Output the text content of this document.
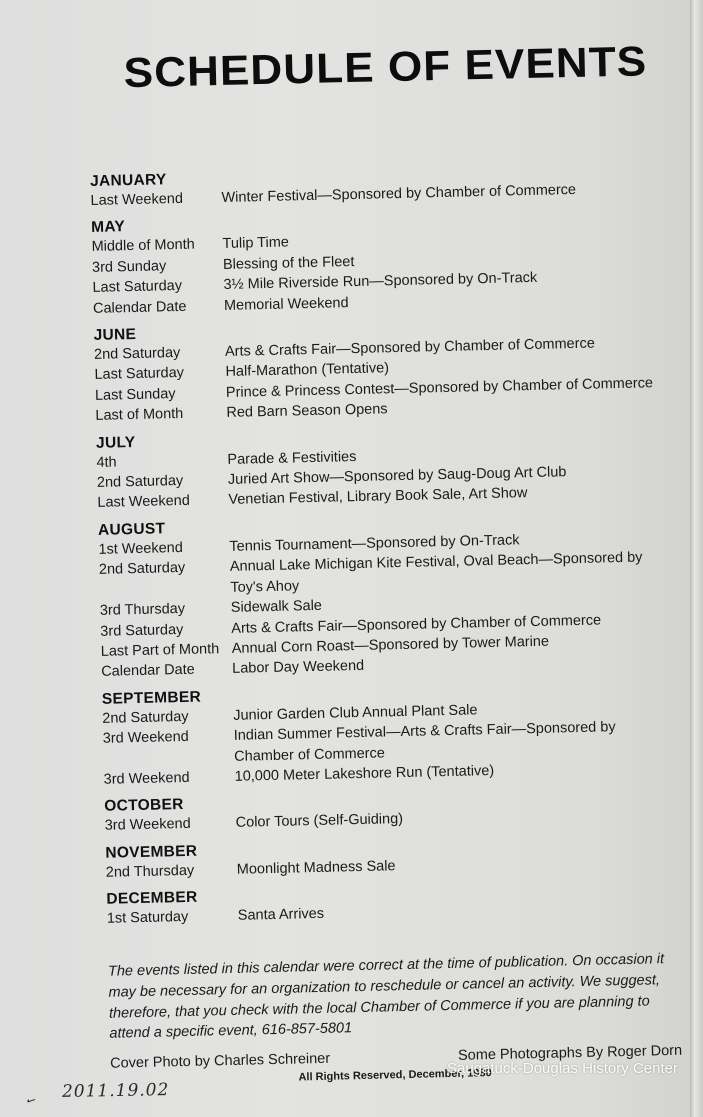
SCHEDULE OF EVENTS
JANUARY
Last Weekend	Winter Festival—Sponsored by Chamber of Commerce
MAY
Middle of Month	Tulip Time
3rd Sunday	Blessing of the Fleet
Last Saturday	3½ Mile Riverside Run—Sponsored by On-Track
Calendar Date	Memorial Weekend
JUNE
2nd Saturday	Arts & Crafts Fair—Sponsored by Chamber of Commerce
Last Saturday	Half-Marathon (Tentative)
Last Sunday	Prince & Princess Contest—Sponsored by Chamber of Commerce
Last of Month	Red Barn Season Opens
JULY
4th	Parade & Festivities
2nd Saturday	Juried Art Show—Sponsored by Saug-Doug Art Club
Last Weekend	Venetian Festival, Library Book Sale, Art Show
AUGUST
1st Weekend	Tennis Tournament—Sponsored by On-Track
2nd Saturday	Annual Lake Michigan Kite Festival, Oval Beach—Sponsored by Toy's Ahoy
3rd Thursday	Sidewalk Sale
3rd Saturday	Arts & Crafts Fair—Sponsored by Chamber of Commerce
Last Part of Month Annual Corn Roast—Sponsored by Tower Marine
Calendar Date	Labor Day Weekend
SEPTEMBER
2nd Saturday	Junior Garden Club Annual Plant Sale
3rd Weekend	Indian Summer Festival—Arts & Crafts Fair—Sponsored by Chamber of Commerce
3rd Weekend	10,000 Meter Lakeshore Run (Tentative)
OCTOBER
3rd Weekend	Color Tours (Self-Guiding)
NOVEMBER
2nd Thursday	Moonlight Madness Sale
DECEMBER
1st Saturday	Santa Arrives

The events listed in this calendar were correct at the time of publication. On occasion it may be necessary for an organization to reschedule or cancel an activity. We suggest, therefore, that you check with the local Chamber of Commerce if you are planning to attend a specific event, 616-857-5801

Cover Photo by Charles Schreiner	Some Photographs By Roger Dorn
All Rights Reserved, December, 1980
2011.19.02
✓
Saugatuck-Douglas History Center
